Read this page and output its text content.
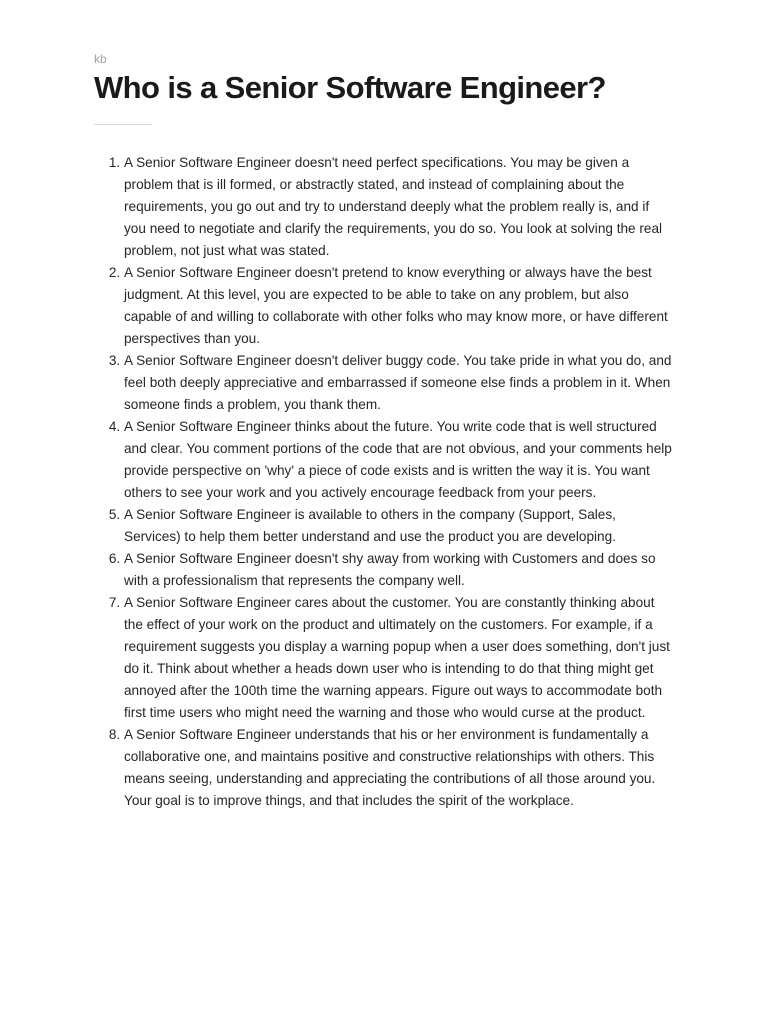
kb
Who is a Senior Software Engineer?
1. A Senior Software Engineer doesn't need perfect specifications. You may be given a problem that is ill formed, or abstractly stated, and instead of complaining about the requirements, you go out and try to understand deeply what the problem really is, and if you need to negotiate and clarify the requirements, you do so. You look at solving the real problem, not just what was stated.
2. A Senior Software Engineer doesn't pretend to know everything or always have the best judgment. At this level, you are expected to be able to take on any problem, but also capable of and willing to collaborate with other folks who may know more, or have different perspectives than you.
3. A Senior Software Engineer doesn't deliver buggy code. You take pride in what you do, and feel both deeply appreciative and embarrassed if someone else finds a problem in it. When someone finds a problem, you thank them.
4. A Senior Software Engineer thinks about the future. You write code that is well structured and clear. You comment portions of the code that are not obvious, and your comments help provide perspective on 'why' a piece of code exists and is written the way it is. You want others to see your work and you actively encourage feedback from your peers.
5. A Senior Software Engineer is available to others in the company (Support, Sales, Services) to help them better understand and use the product you are developing.
6. A Senior Software Engineer doesn't shy away from working with Customers and does so with a professionalism that represents the company well.
7. A Senior Software Engineer cares about the customer. You are constantly thinking about the effect of your work on the product and ultimately on the customers. For example, if a requirement suggests you display a warning popup when a user does something, don't just do it. Think about whether a heads down user who is intending to do that thing might get annoyed after the 100th time the warning appears. Figure out ways to accommodate both first time users who might need the warning and those who would curse at the product.
8. A Senior Software Engineer understands that his or her environment is fundamentally a collaborative one, and maintains positive and constructive relationships with others. This means seeing, understanding and appreciating the contributions of all those around you. Your goal is to improve things, and that includes the spirit of the workplace.
